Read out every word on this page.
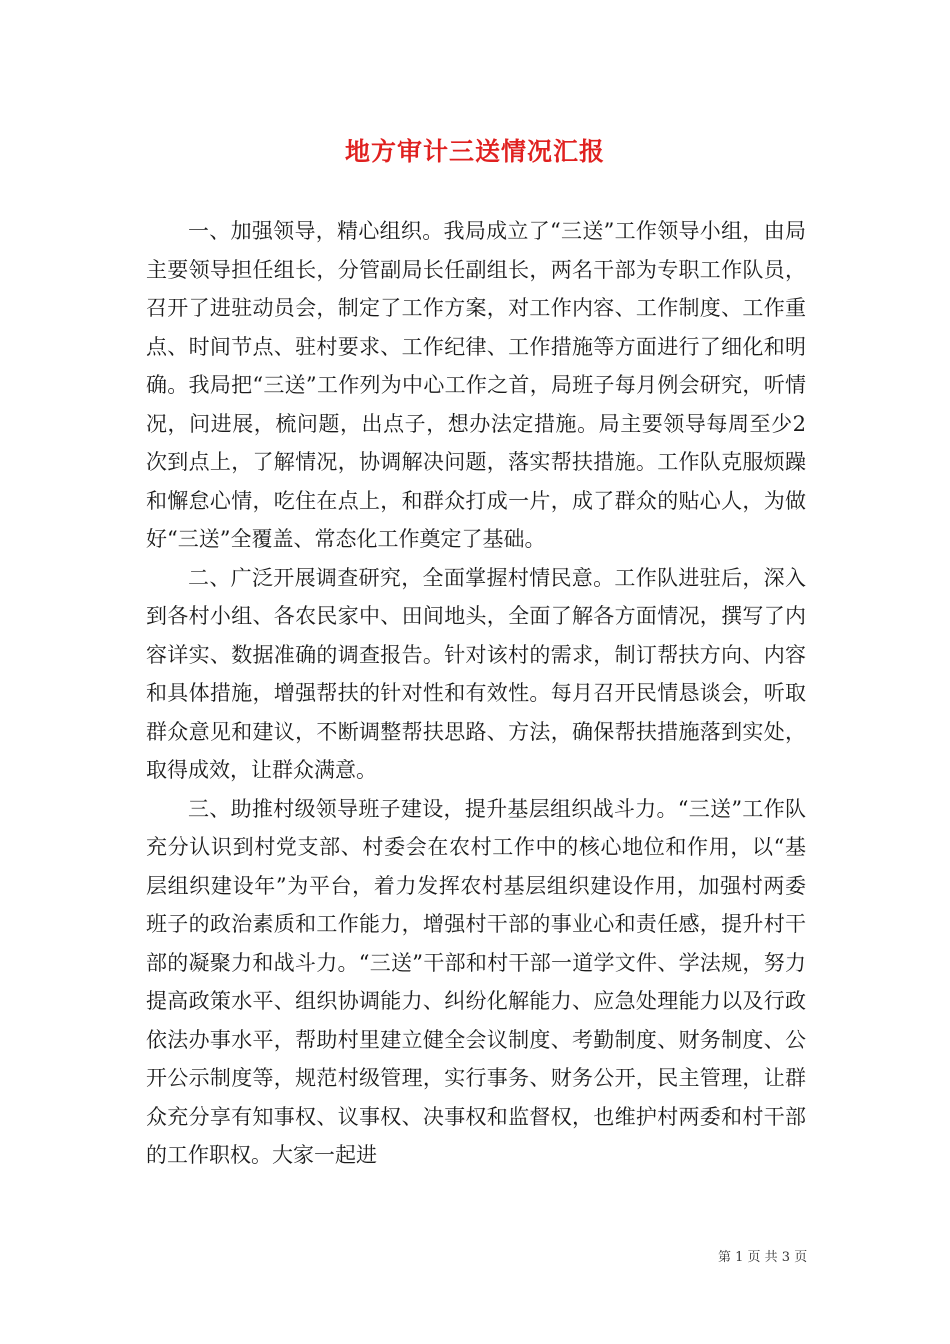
地方审计三送情况汇报

一、加强领导，精心组织。我局成立了“三送”工作领导小组，由局主要领导担任组长，分管副局长任副组长，两名干部为专职工作队员，召开了进驻动员会，制定了工作方案，对工作内容、工作制度、工作重点、时间节点、驻村要求、工作纪律、工作措施等方面进行了细化和明确。我局把“三送”工作列为中心工作之首，局班子每月例会研究，听情况，问进展，梳问题，出点子，想办法定措施。局主要领导每周至少2次到点上，了解情况，协调解决问题，落实帮扶措施。工作队克服烦躁和懈怠心情，吃住在点上，和群众打成一片，成了群众的贴心人，为做好“三送”全覆盖、常态化工作奠定了基础。

二、广泛开展调查研究，全面掌握村情民意。工作队进驻后，深入到各村小组、各农民家中、田间地头，全面了解各方面情况，撰写了内容详实、数据准确的调查报告。针对该村的需求，制订帮扶方向、内容和具体措施，增强帮扶的针对性和有效性。每月召开民情恳谈会，听取群众意见和建议，不断调整帮扶思路、方法，确保帮扶措施落到实处，取得成效，让群众满意。

三、助推村级领导班子建设，提升基层组织战斗力。“三送”工作队充分认识到村党支部、村委会在农村工作中的核心地位和作用，以“基层组织建设年”为平台，着力发挥农村基层组织建设作用，加强村两委班子的政治素质和工作能力，增强村干部的事业心和责任感，提升村干部的凝聚力和战斗力。“三送”干部和村干部一道学文件、学法规，努力提高政策水平、组织协调能力、纠纷化解能力、应急处理能力以及行政依法办事水平，帮助村里建立健全会议制度、考勤制度、财务制度、公开公示制度等，规范村级管理，实行事务、财务公开，民主管理，让群众充分享有知事权、议事权、决事权和监督权，也维护村两委和村干部的工作职权。大家一起进

第 1 页 共 3 页
